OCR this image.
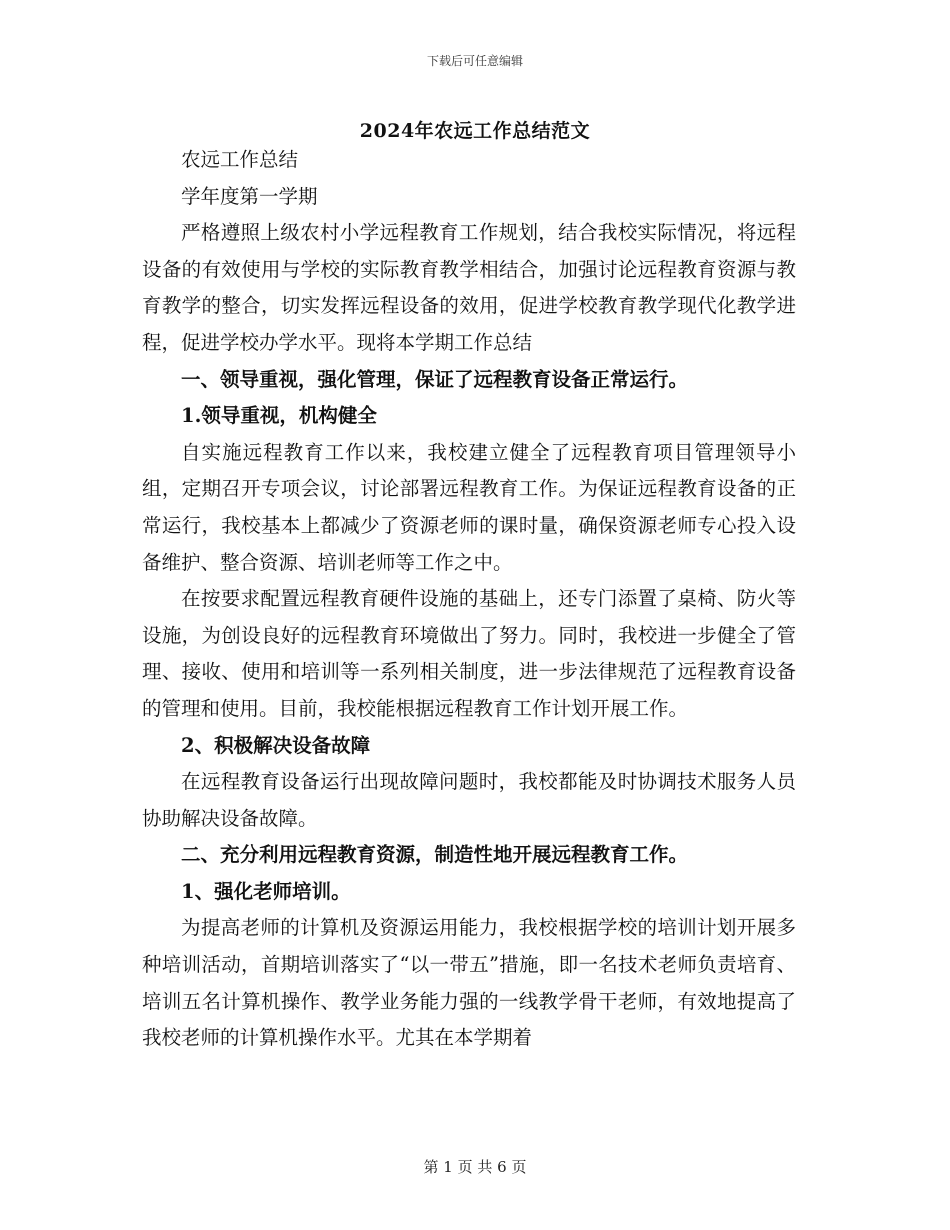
下载后可任意编辑
2024年农远工作总结范文

农远工作总结

学年度第一学期

严格遵照上级农村小学远程教育工作规划，结合我校实际情况，将远程设备的有效使用与学校的实际教育教学相结合，加强讨论远程教育资源与教育教学的整合，切实发挥远程设备的效用，促进学校教育教学现代化教学进程，促进学校办学水平。现将本学期工作总结

一、领导重视，强化管理，保证了远程教育设备正常运行。

1.领导重视，机构健全

自实施远程教育工作以来，我校建立健全了远程教育项目管理领导小组，定期召开专项会议，讨论部署远程教育工作。为保证远程教育设备的正常运行，我校基本上都减少了资源老师的课时量，确保资源老师专心投入设备维护、整合资源、培训老师等工作之中。

在按要求配置远程教育硬件设施的基础上，还专门添置了桌椅、防火等设施，为创设良好的远程教育环境做出了努力。同时，我校进一步健全了管理、接收、使用和培训等一系列相关制度，进一步法律规范了远程教育设备的管理和使用。目前，我校能根据远程教育工作计划开展工作。

2、积极解决设备故障

在远程教育设备运行出现故障问题时，我校都能及时协调技术服务人员协助解决设备故障。

二、充分利用远程教育资源，制造性地开展远程教育工作。

1、强化老师培训。

为提高老师的计算机及资源运用能力，我校根据学校的培训计划开展多种培训活动，首期培训落实了“以一带五”措施，即一名技术老师负责培育、培训五名计算机操作、教学业务能力强的一线教学骨干老师，有效地提高了我校老师的计算机操作水平。尤其在本学期着

第 1 页 共 6 页
